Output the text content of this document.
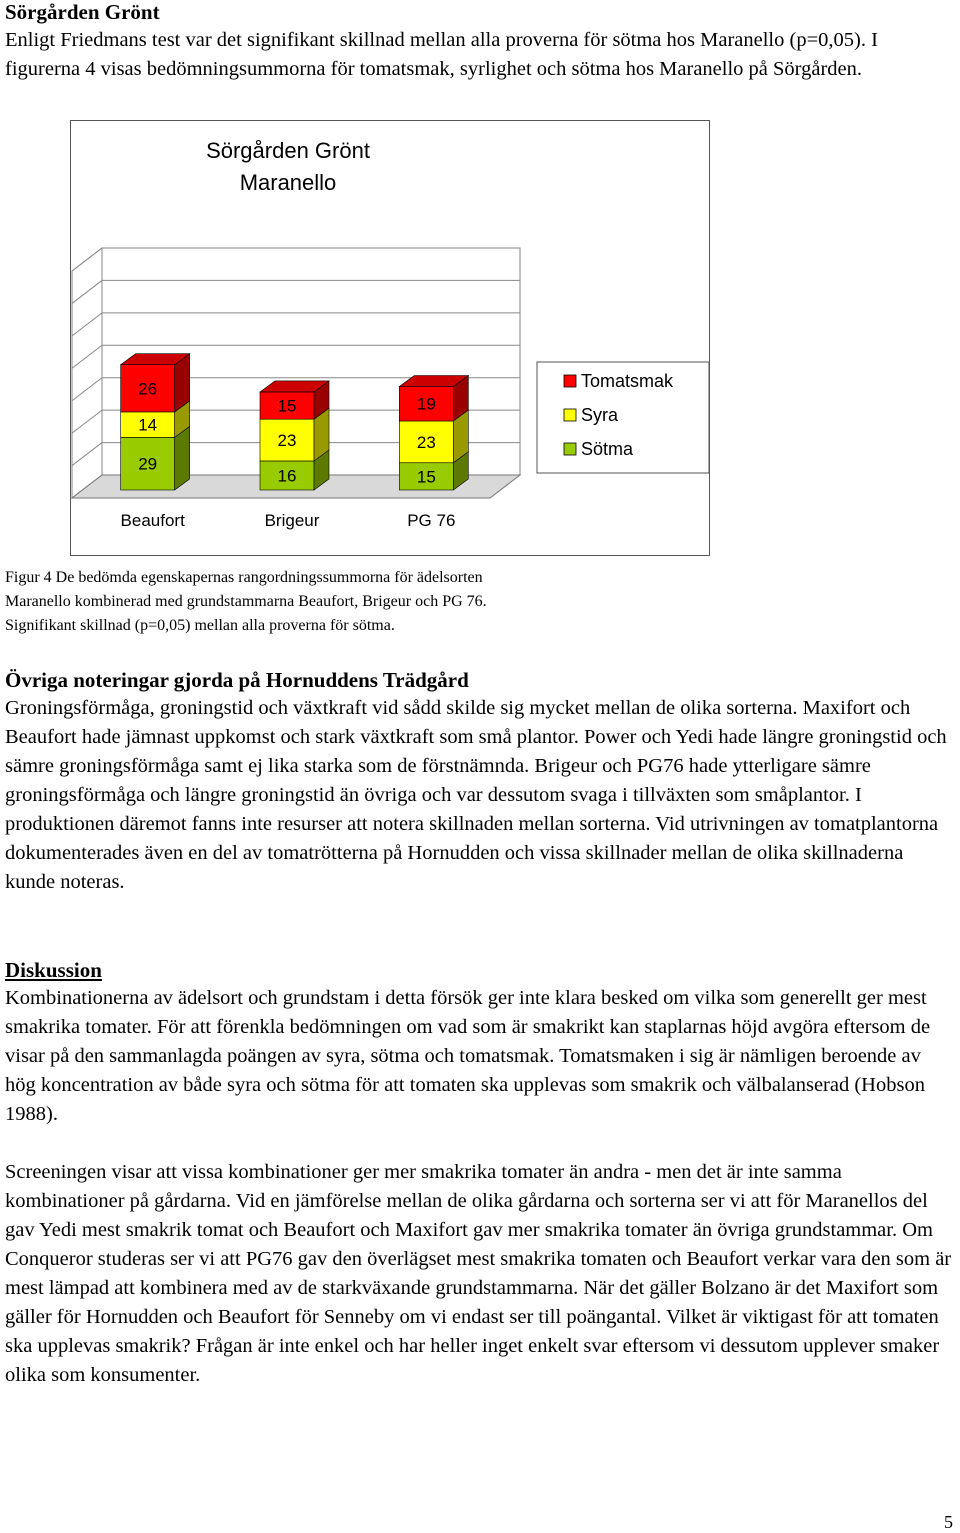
Sörgården Grönt

Enligt Friedmans test var det signifikant skillnad mellan alla proverna för sötma hos Maranello (p=0,05). I figurerna 4 visas bedömningsummorna för tomatsmak, syrlighet och sötma hos Maranello på Sörgården.

Sörgården Grönt
Maranello
29
14
26
Beaufort
16
23
15
Brigeur
15
23
19
PG 76
Tomatsmak
Syra
Sötma

Figur 4 De bedömda egenskapernas rangordningssummorna för ädelsorten
Maranello kombinerad med grundstammarna Beaufort, Brigeur och PG 76.
Signifikant skillnad (p=0,05) mellan alla proverna för sötma.

Övriga noteringar gjorda på Hornuddens Trädgård

Groningsförmåga, groningstid och växtkraft vid sådd skilde sig mycket mellan de olika sorterna. Maxifort och Beaufort hade jämnast uppkomst och stark växtkraft som små plantor. Power och Yedi hade längre groningstid och sämre groningsförmåga samt ej lika starka som de förstnämnda. Brigeur och PG76 hade ytterligare sämre groningsförmåga och längre groningstid än övriga och var dessutom svaga i tillväxten som småplantor. I produktionen däremot fanns inte resurser att notera skillnaden mellan sorterna. Vid utrivningen av tomatplantorna dokumenterades även en del av tomatrötterna på Hornudden och vissa skillnader mellan de olika skillnaderna kunde noteras.

Diskussion

Kombinationerna av ädelsort och grundstam i detta försök ger inte klara besked om vilka som generellt ger mest smakrika tomater. För att förenkla bedömningen om vad som är smakrikt kan staplarnas höjd avgöra eftersom de visar på den sammanlagda poängen av syra, sötma och tomatsmak. Tomatsmaken i sig är nämligen beroende av hög koncentration av både syra och sötma för att tomaten ska upplevas som smakrik och välbalanserad (Hobson 1988).

Screeningen visar att vissa kombinationer ger mer smakrika tomater än andra - men det är inte samma kombinationer på gårdarna. Vid en jämförelse mellan de olika gårdarna och sorterna ser vi att för Maranellos del gav Yedi mest smakrik tomat och Beaufort och Maxifort gav mer smakrika tomater än övriga grundstammar. Om Conqueror studeras ser vi att PG76 gav den överlägset mest smakrika tomaten och Beaufort verkar vara den som är mest lämpad att kombinera med av de starkväxande grundstammarna. När det gäller Bolzano är det Maxifort som gäller för Hornudden och Beaufort för Senneby om vi endast ser till poängantal. Vilket är viktigast för att tomaten ska upplevas smakrik? Frågan är inte enkel och har heller inget enkelt svar eftersom vi dessutom upplever smaker olika som konsumenter.

5
